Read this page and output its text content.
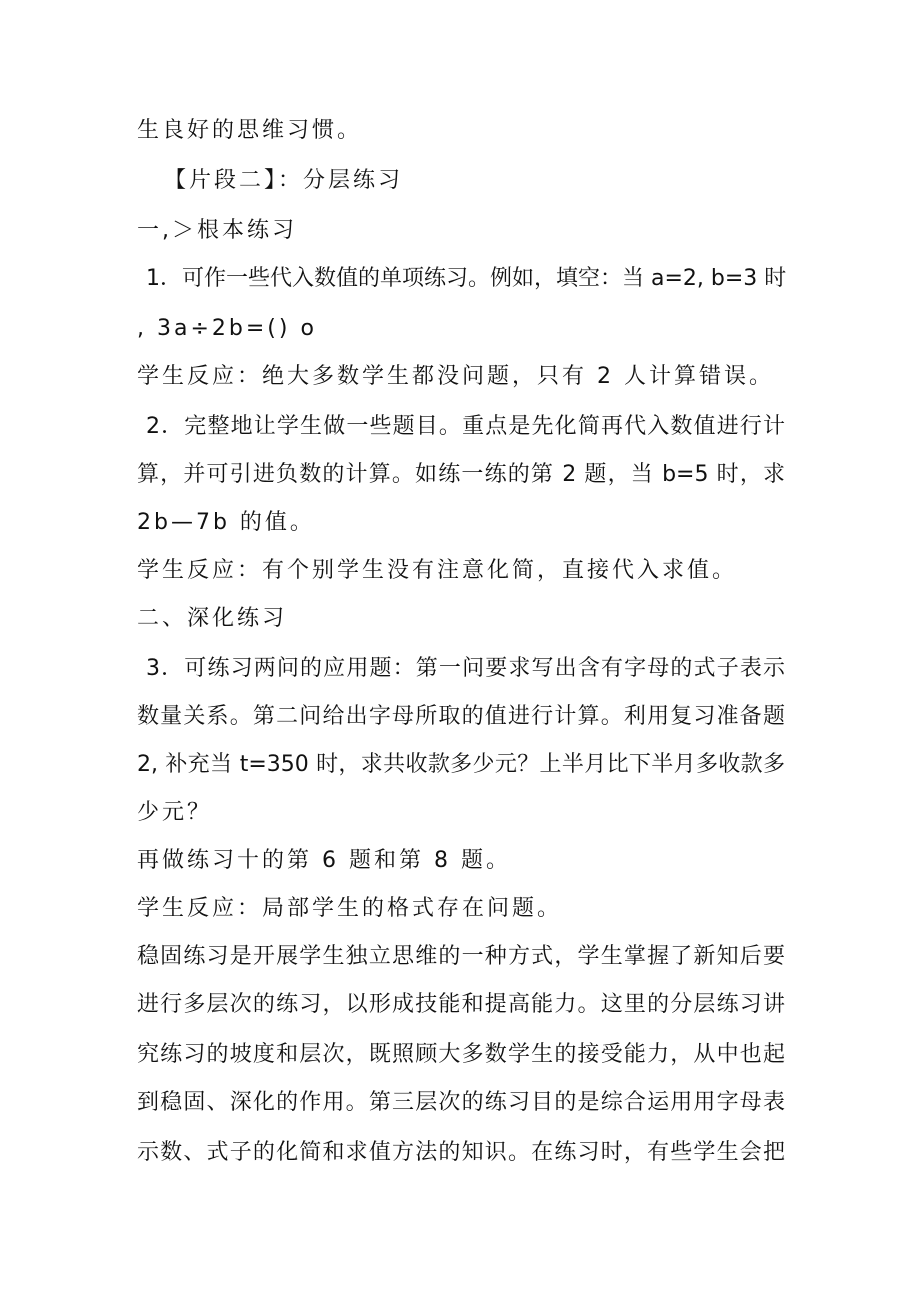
生良好的思维习惯。
【片段二】：分层练习
一,＞根本练习
1．可作一些代入数值的单项练习。例如，填空：当 a=2, b=3 时
, 3a÷2b=() o
学生反应：绝大多数学生都没问题，只有 2 人计算错误。
2．完整地让学生做一些题目。重点是先化简再代入数值进行计
算，并可引进负数的计算。如练一练的第 2 题，当 b=5 时，求
2b—7b 的值。
学生反应：有个别学生没有注意化简，直接代入求值。
二、深化练习
3．可练习两问的应用题：第一问要求写出含有字母的式子表示
数量关系。第二问给出字母所取的值进行计算。利用复习准备题
2, 补充当 t=350 时，求共收款多少元？上半月比下半月多收款多
少元？
再做练习十的第 6 题和第 8 题。
学生反应：局部学生的格式存在问题。
稳固练习是开展学生独立思维的一种方式，学生掌握了新知后要
进行多层次的练习，以形成技能和提高能力。这里的分层练习讲
究练习的坡度和层次，既照顾大多数学生的接受能力，从中也起
到稳固、深化的作用。第三层次的练习目的是综合运用用字母表
示数、式子的化简和求值方法的知识。在练习时，有些学生会把
